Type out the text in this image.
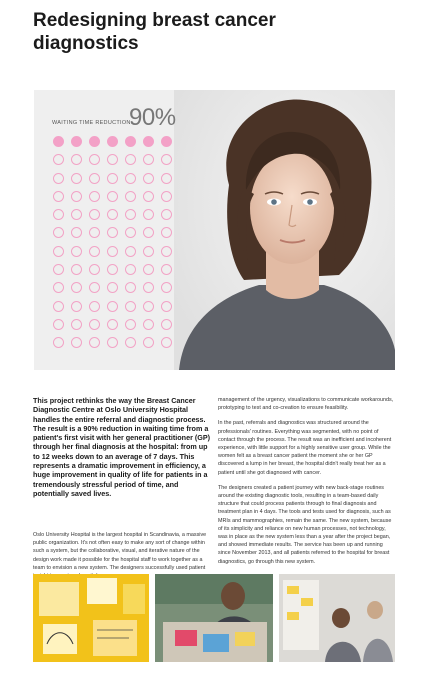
Redesigning breast cancer diagnostics
WAITING TIME REDUCTION:
90%

This project rethinks the way the Breast Cancer Diagnostic Centre at Oslo University Hospital handles the entire referral and diagnostic process. The result is a 90% reduction in waiting time from a patient's first visit with her general practitioner (GP) through her final diagnosis at the hospital: from up to 12 weeks down to an average of 7 days. This represents a dramatic improvement in efficiency, a huge improvement in quality of life for patients in a tremendously stressful period of time, and potentially saved lives.

Oslo University Hospital is the largest hospital in Scandinavia, a massive public organization. It's not often easy to make any sort of change within such a system, but the collaborative, visual, and iterative nature of the design work made it possible for the hospital staff to work together as a team to envision a new system. The designers successfully used patient

management of the urgency, visualizations to communicate workarounds, prototyping to test and co-creation to ensure feasibility.

In the past, referrals and diagnostics was structured around the professionals' routines. Everything was segmented, with no point of contact through the process. The result was an inefficient and incoherent experience, with little support for a highly sensitive user group. While the women felt as a breast cancer patient the moment she or her GP discovered a lump in her breast, the hospital didn't really treat her as a patient until she got diagnosed with cancer.

The designers created a patient journey with new back-stage routines around the existing diagnostic tools, resulting in a team-based daily structure that could process patients through to final diagnosis and treatment plan in 4 days. The tools and tests used for diagnosis, such as MRIs and mammographies, remain the same. The new system, because of its simplicity and reliance on new human processes, not technology, was in place as the new system less than a year after the project began, and showed immediate results. The service has been up and running since November 2013, and all patients referred to the hospital for breast diagnostics, go through this new system.
